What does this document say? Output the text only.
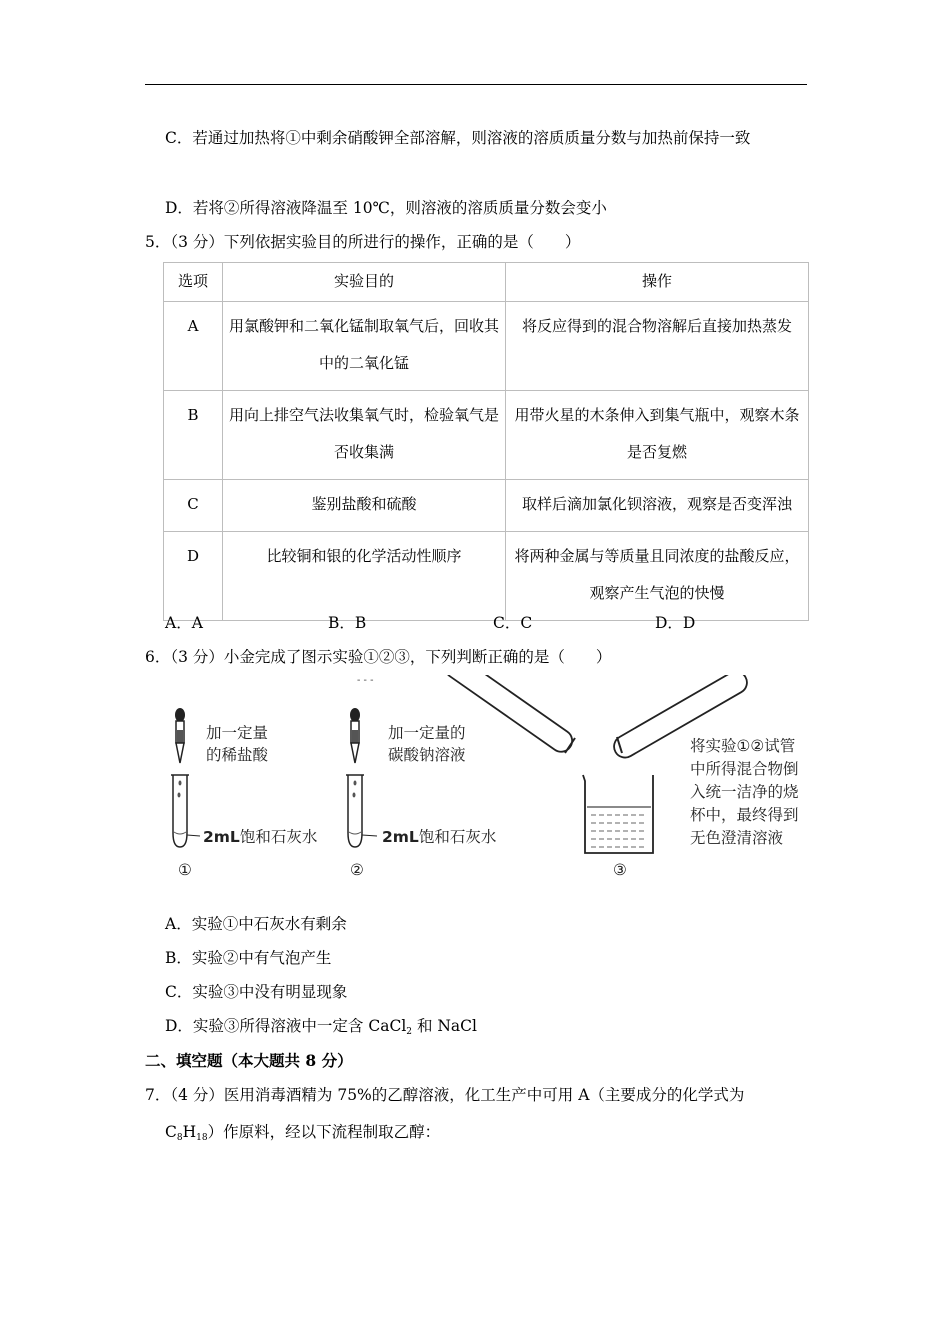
C．若通过加热将①中剩余硝酸钾全部溶解，则溶液的溶质质量分数与加热前保持一致
D．若将②所得溶液降温至 10℃，则溶液的溶质质量分数会变小
5．（3 分）下列依据实验目的所进行的操作，正确的是（　　）
选项	实验目的	操作
A	用氯酸钾和二氧化锰制取氧气后，回收其中的二氧化锰	将反应得到的混合物溶解后直接加热蒸发
B	用向上排空气法收集氧气时，检验氧气是否收集满	用带火星的木条伸入到集气瓶中，观察木条是否复燃
C	鉴别盐酸和硫酸	取样后滴加氯化钡溶液，观察是否变浑浊
D	比较铜和银的化学活动性顺序	将两种金属与等质量且同浓度的盐酸反应，观察产生气泡的快慢
A．A	B．B	C．C	D．D
6．（3 分）小金完成了图示实验①②③，下列判断正确的是（　　）
- - -
加一定量
的稀盐酸
加一定量的
碳酸钠溶液
2mL饱和石灰水	2mL饱和石灰水
将实验①②试管
中所得混合物倒
入统一洁净的烧
杯中，最终得到
无色澄清溶液
①	②	③
A．实验①中石灰水有剩余
B．实验②中有气泡产生
C．实验③中没有明显现象
D．实验③所得溶液中一定含 CaCl$_2$ 和 NaCl
二、填空题（本大题共 8 分）
7．（4 分）医用消毒酒精为 75%的乙醇溶液，化工生产中可用 A（主要成分的化学式为
$C_8H_{18}$）作原料，经以下流程制取乙醇：
